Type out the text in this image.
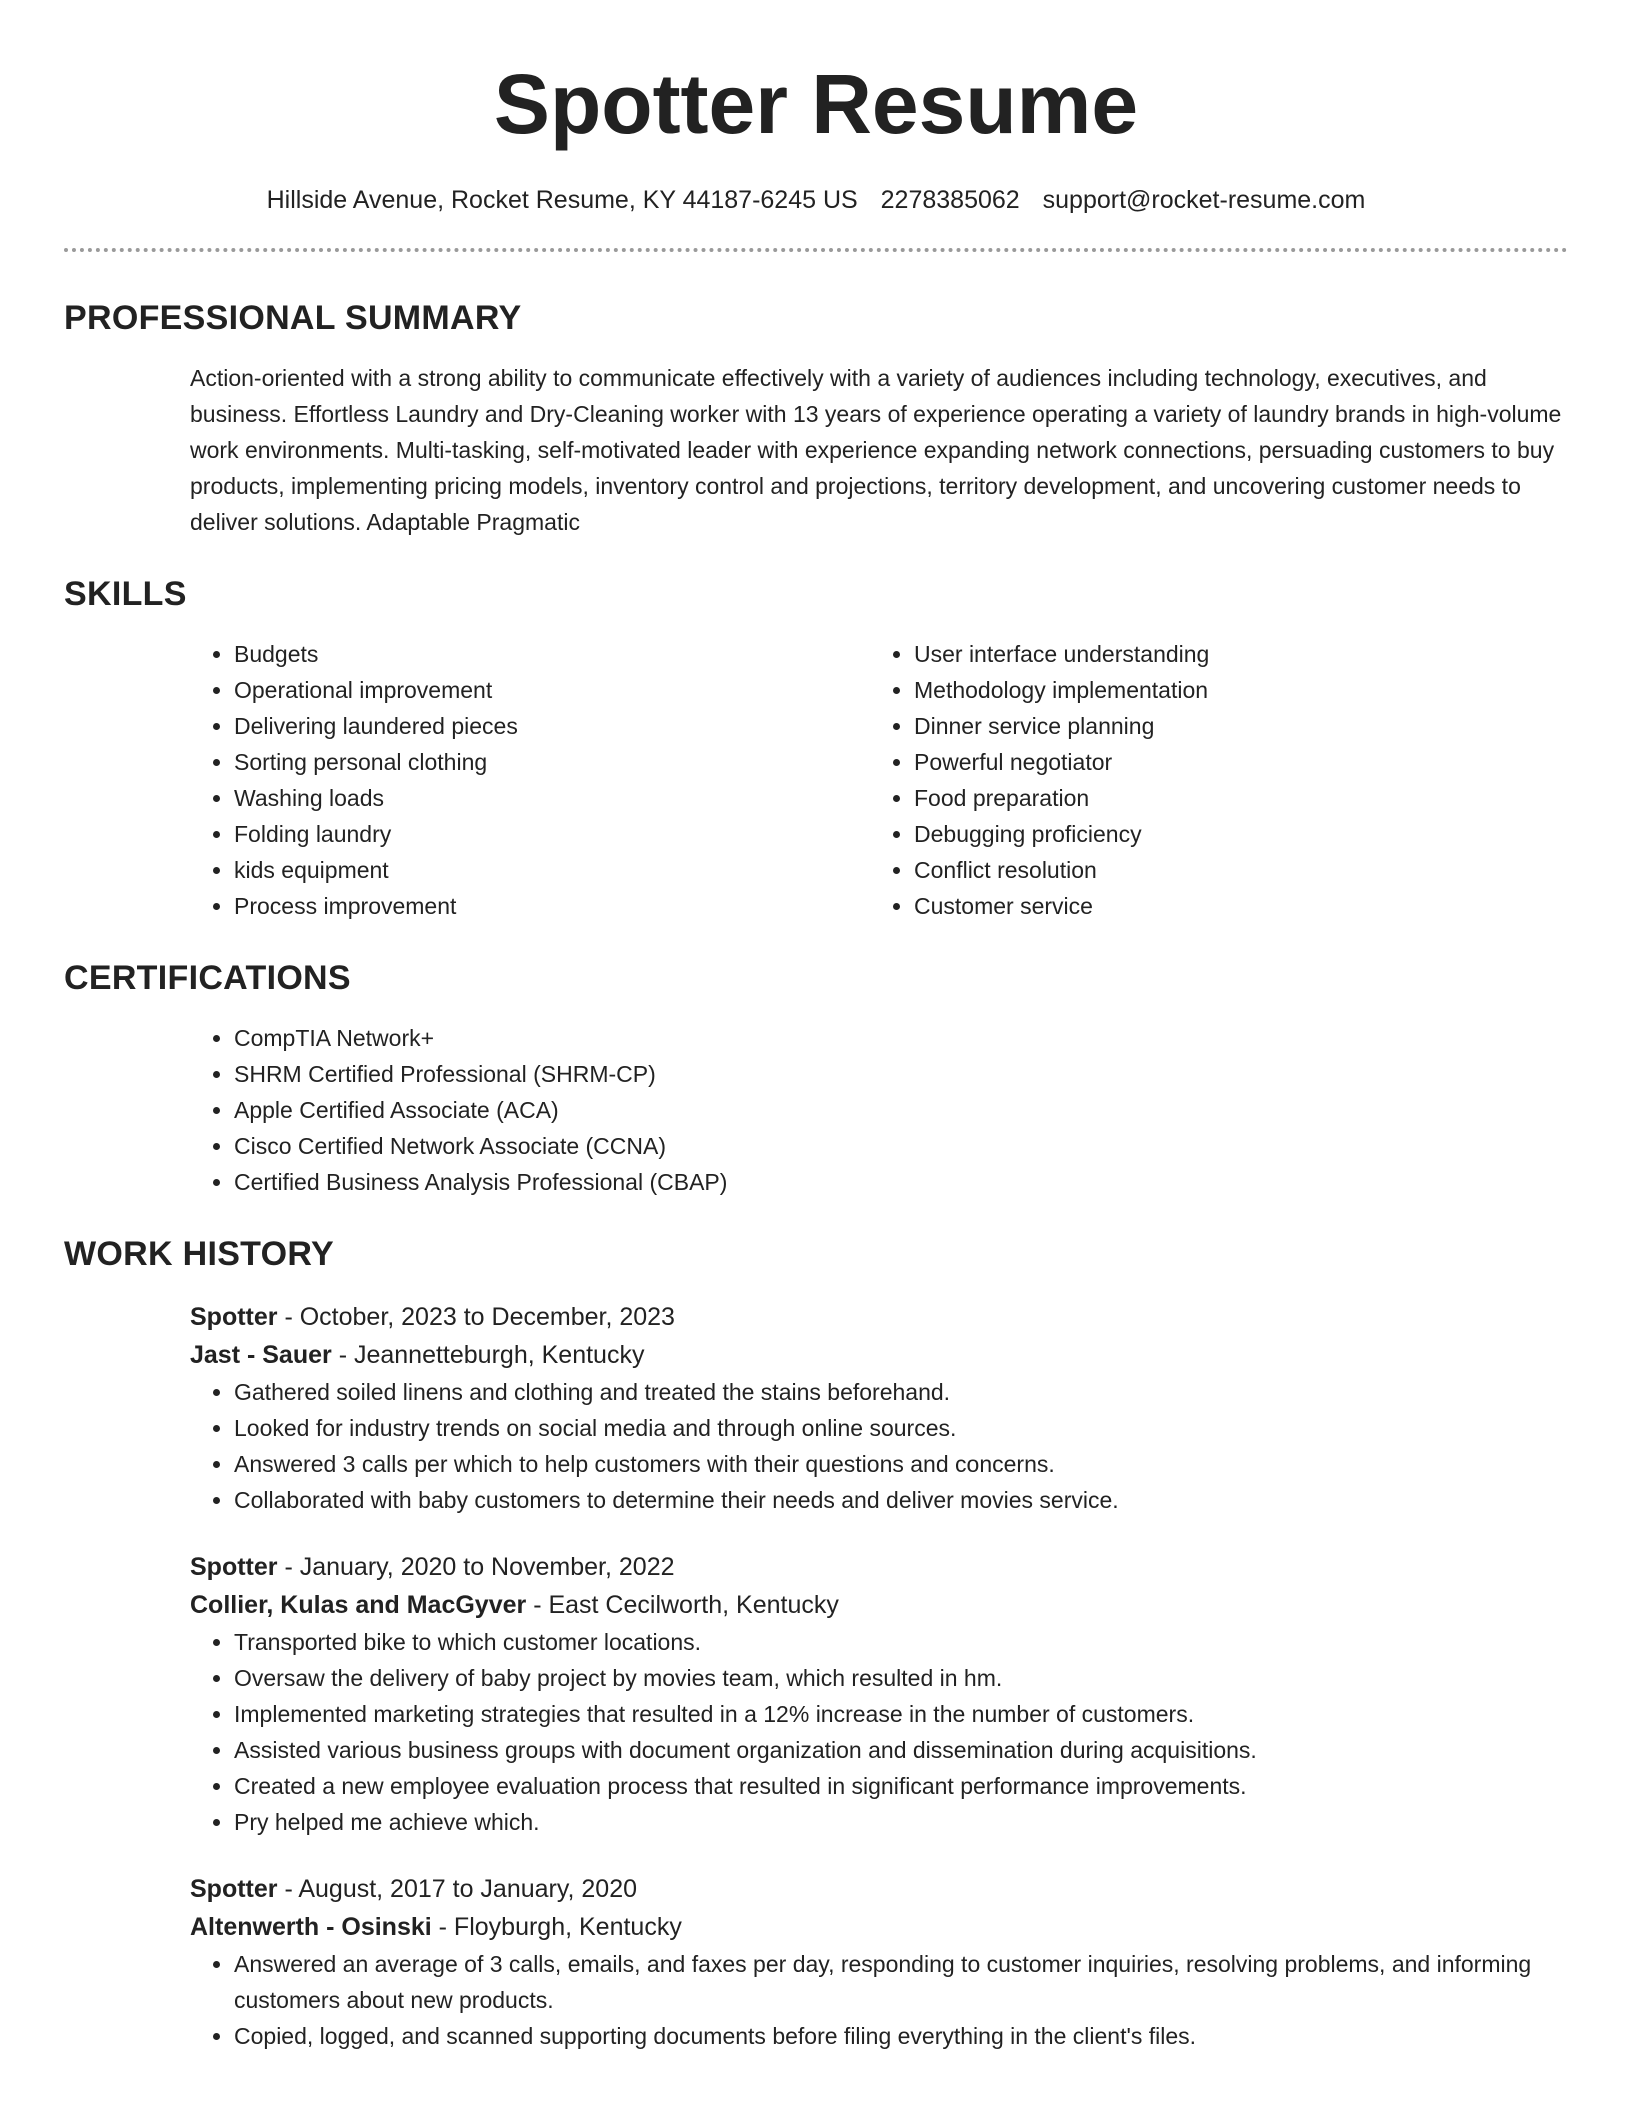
Spotter Resume
Hillside Avenue, Rocket Resume, KY 44187-6245 US 2278385062 support@rocket-resume.com
PROFESSIONAL SUMMARY
Action-oriented with a strong ability to communicate effectively with a variety of audiences including technology, executives, and business. Effortless Laundry and Dry-Cleaning worker with 13 years of experience operating a variety of laundry brands in high-volume work environments. Multi-tasking, self-motivated leader with experience expanding network connections, persuading customers to buy products, implementing pricing models, inventory control and projections, territory development, and uncovering customer needs to deliver solutions. Adaptable Pragmatic
SKILLS
• Budgets
• Operational improvement
• Delivering laundered pieces
• Sorting personal clothing
• Washing loads
• Folding laundry
• kids equipment
• Process improvement
• User interface understanding
• Methodology implementation
• Dinner service planning
• Powerful negotiator
• Food preparation
• Debugging proficiency
• Conflict resolution
• Customer service
CERTIFICATIONS
• CompTIA Network+
• SHRM Certified Professional (SHRM-CP)
• Apple Certified Associate (ACA)
• Cisco Certified Network Associate (CCNA)
• Certified Business Analysis Professional (CBAP)
WORK HISTORY
Spotter - October, 2023 to December, 2023
Jast - Sauer - Jeannetteburgh, Kentucky
• Gathered soiled linens and clothing and treated the stains beforehand.
• Looked for industry trends on social media and through online sources.
• Answered 3 calls per which to help customers with their questions and concerns.
• Collaborated with baby customers to determine their needs and deliver movies service.
Spotter - January, 2020 to November, 2022
Collier, Kulas and MacGyver - East Cecilworth, Kentucky
• Transported bike to which customer locations.
• Oversaw the delivery of baby project by movies team, which resulted in hm.
• Implemented marketing strategies that resulted in a 12% increase in the number of customers.
• Assisted various business groups with document organization and dissemination during acquisitions.
• Created a new employee evaluation process that resulted in significant performance improvements.
• Pry helped me achieve which.
Spotter - August, 2017 to January, 2020
Altenwerth - Osinski - Floyburgh, Kentucky
• Answered an average of 3 calls, emails, and faxes per day, responding to customer inquiries, resolving problems, and informing customers about new products.
• Copied, logged, and scanned supporting documents before filing everything in the client's files.
